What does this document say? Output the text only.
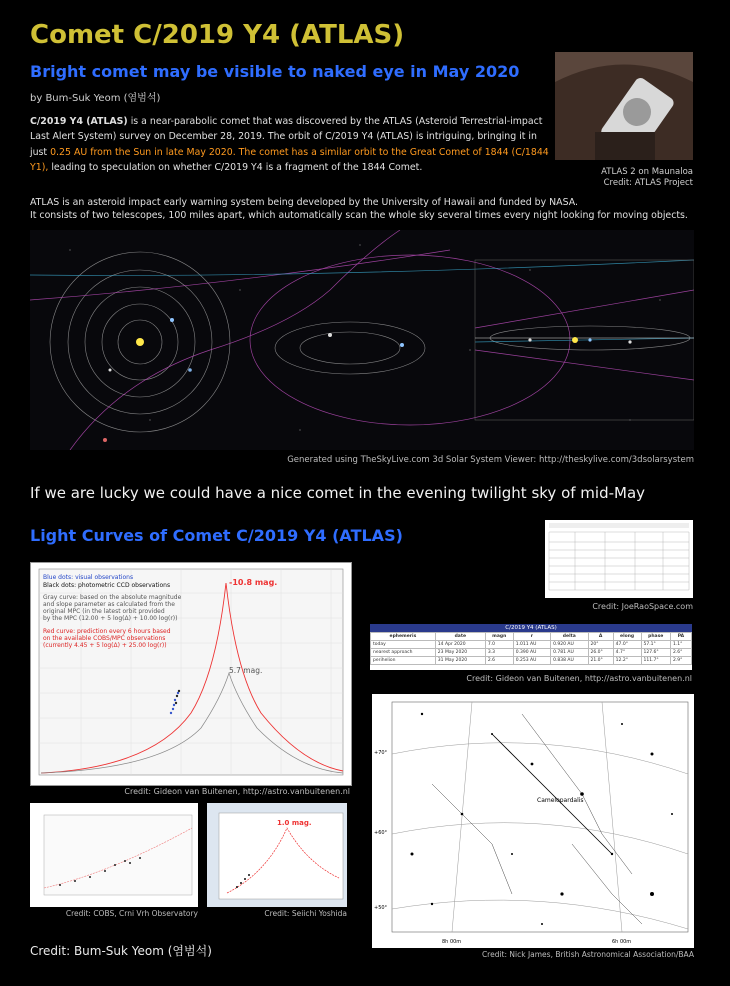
Comet C/2019 Y4 (ATLAS)
Bright comet may be visible to naked eye in May 2020
by Bum-Suk Yeom (염범석)
C/2019 Y4 (ATLAS) is a near-parabolic comet that was discovered by the ATLAS (Asteroid Terrestrial-impact Last Alert System) survey on December 28, 2019. The orbit of C/2019 Y4 (ATLAS) is intriguing, bringing it in just 0.25 AU from the Sun in late May 2020. The comet has a similar orbit to the Great Comet of 1844 (C/1844 Y1), leading to speculation on whether C/2019 Y4 is a fragment of the 1844 Comet.	ATLAS 2 on Maunaloa
Credit: ATLAS Project
ATLAS is an asteroid impact early warning system being developed by the University of Hawaii and funded by NASA.
It consists of two telescopes, 100 miles apart, which automatically scan the whole sky several times every night looking for moving objects.
Generated using TheSkyLive.com 3d Solar System Viewer: http://theskylive.com/3dsolarsystem
If we are lucky we could have a nice comet in the evening twilight sky of mid-May
Light Curves of Comet C/2019 Y4 (ATLAS)
Blue dots: visual observations
Black dots: photometric CCD observations
Gray curve: based on the absolute magnitude
and slope parameter as calculated from the
original MPC (in the latest orbit provided
by the MPC (12.00 + 5 log(Δ) + 10.00 log(r))
Red curve: prediction every 6 hours based
on the available COBS/MPC observations
(currently 4.45 + 5 log(Δ) + 25.00 log(r))
-10.8 mag.
5.7 mag.
Credit: Gideon van Buitenen, http://astro.vanbuitenen.nl
Credit: JoeRaoSpace.com
C/2019 Y4 (ATLAS)
ephemeris	date	magn	r	delta	Δ	elong	phase	PA
today	14 Apr 2020	7.0	1.011 AU	0.920 AU	20°	47.0°	57.1°	1.1°
nearest approach	23 May 2020	3.3	0.390 AU	0.781 AU	26.0°	4.7°	127.6°	2.6°
perihelion	31 May 2020	2.6	0.253 AU	0.838 AU	21.0°	12.2°	111.7°	2.9°
Credit: Gideon van Buitenen, http://astro.vanbuitenen.nl
Camelopardalis
+70°
+60°
+50°
8h 00m	6h 00m
Credit: Nick James, British Astronomical Association/BAA
Credit: COBS, Crni Vrh Observatory
1.0 mag.
Credit: Seiichi Yoshida
Credit: Bum-Suk Yeom (염범석)
